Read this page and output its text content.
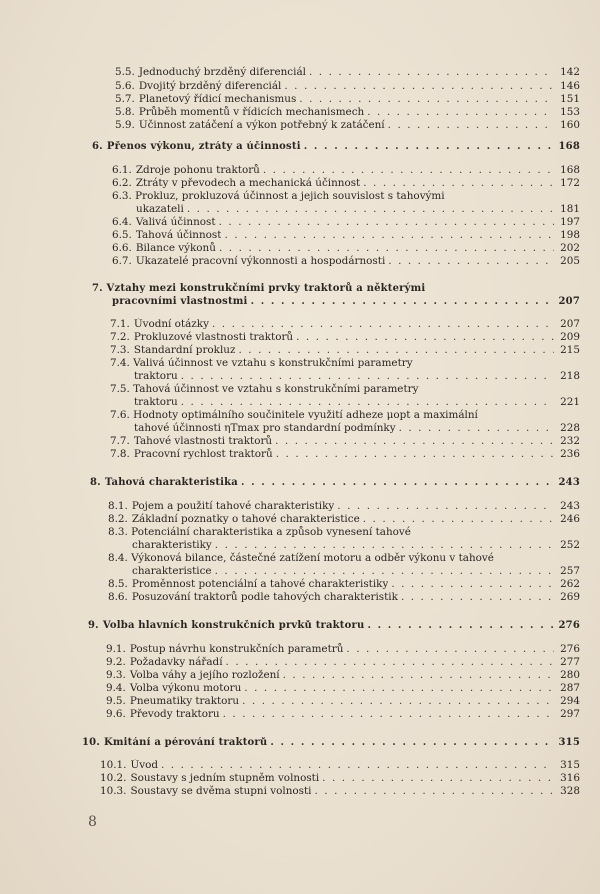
5.5. Jednoduchý brzděný diferenciál . . .	142
5.6. Dvojitý brzděný diferenciál . . .	146
5.7. Planetový řídicí mechanismus . . .	151
5.8. Průběh momentů v řídicích mechanismech . . .	153
5.9. Účinnost zatáčení a výkon potřebný k zatáčení . . .	160
6. Přenos výkonu, ztráty a účinnosti . . .	168
6.1. Zdroje pohonu traktorů . . .	168
6.2. Ztráty v převodech a mechanická účinnost . . .	172
6.3. Prokluz, prokluzová účinnost a jejich souvislost s tahovými
ukazateli . . .	181
6.4. Valivá účinnost . . .	197
6.5. Tahová účinnost . . .	198
6.6. Bilance výkonů . . .	202
6.7. Ukazatelé pracovní výkonnosti a hospodárnosti . . .	205
7. Vztahy mezi konstrukčními prvky traktorů a některými
pracovními vlastnostmi . . .	207
7.1. Úvodní otázky . . .	207
7.2. Prokluzové vlastnosti traktorů . . .	209
7.3. Standardní prokluz . . .	215
7.4. Valivá účinnost ve vztahu s konstrukčními parametry
traktoru . . .	218
7.5. Tahová účinnost ve vztahu s konstrukčními parametry
traktoru . . .	221
7.6. Hodnoty optimálního součinitele využití adheze μopt a maximální
tahové účinnosti ηTmax pro standardní podmínky . . .	228
7.7. Tahové vlastnosti traktorů . . .	232
7.8. Pracovní rychlost traktorů . . .	236
8. Tahová charakteristika . . .	243
8.1. Pojem a použití tahové charakteristiky . . .	243
8.2. Základní poznatky o tahové charakteristice . . .	246
8.3. Potenciální charakteristika a způsob vynesení tahové
charakteristiky . . .	252
8.4. Výkonová bilance, částečné zatížení motoru a odběr výkonu v tahové
charakteristice . . .	257
8.5. Proměnnost potenciální a tahové charakteristiky . . .	262
8.6. Posuzování traktorů podle tahových charakteristik . . .	269
9. Volba hlavních konstrukčních prvků traktoru . . .	276
9.1. Postup návrhu konstrukčních parametrů . . .	276
9.2. Požadavky nářadí . . .	277
9.3. Volba váhy a jejího rozložení . . .	280
9.4. Volba výkonu motoru . . .	287
9.5. Pneumatiky traktoru . . .	294
9.6. Převody traktoru . . .	297
10. Kmitání a pérování traktorů . . .	315
10.1. Úvod . . .	315
10.2. Soustavy s jedním stupněm volnosti . . .	316
10.3. Soustavy se dvěma stupni volnosti . . .	328
8
